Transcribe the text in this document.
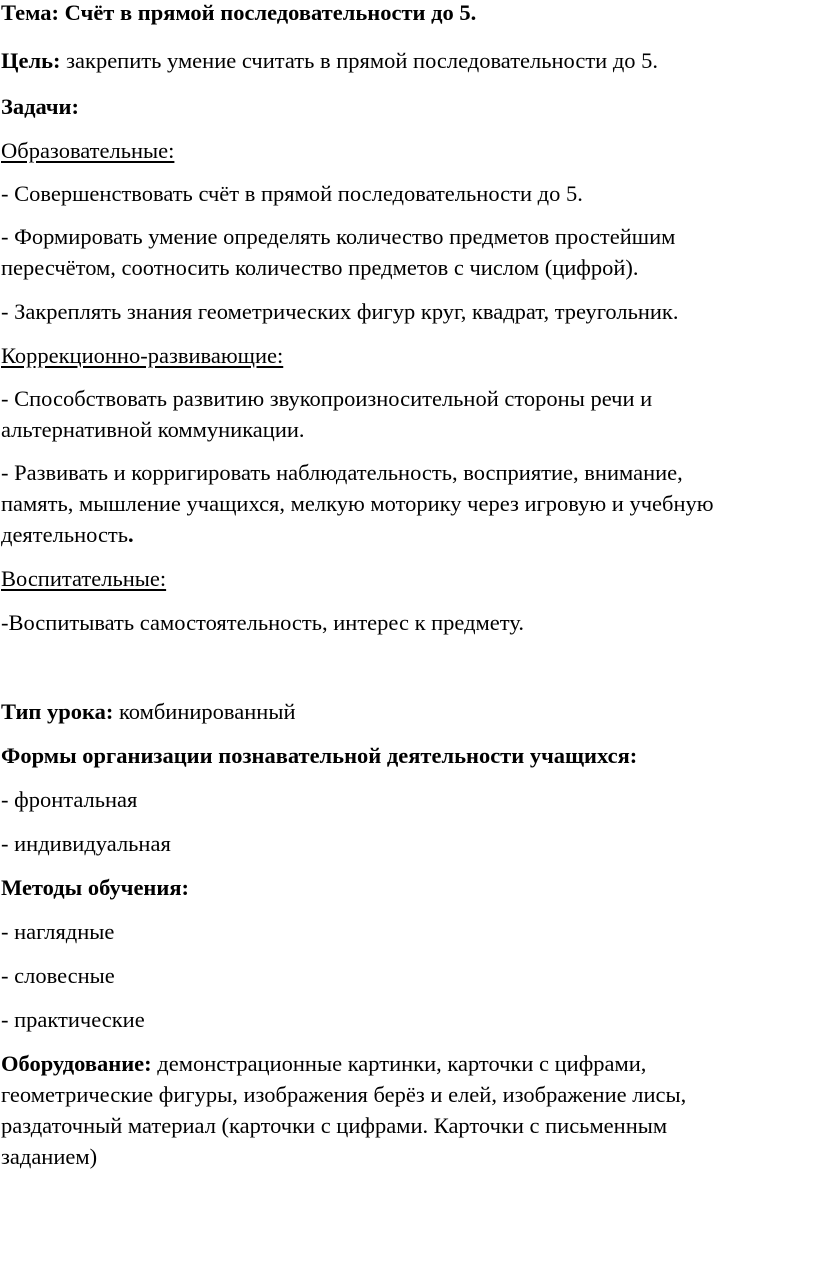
Тема: Счёт в прямой последовательности до 5.
Цель: закрепить умение считать в прямой последовательности до 5.
Задачи:
Образовательные:
- Совершенствовать счёт в прямой последовательности до 5.
- Формировать умение определять количество предметов простейшим
пересчётом, соотносить количество предметов с числом (цифрой).
- Закреплять знания геометрических фигур круг, квадрат, треугольник.
Коррекционно-развивающие:
- Способствовать развитию звукопроизносительной стороны речи и
альтернативной коммуникации.
- Развивать и корригировать наблюдательность, восприятие, внимание,
память, мышление учащихся, мелкую моторику через игровую и учебную
деятельность.
Воспитательные:
-Воспитывать самостоятельность, интерес к предмету.
Тип урока: комбинированный
Формы организации познавательной деятельности учащихся:
- фронтальная
- индивидуальная
Методы обучения:
- наглядные
- словесные
- практические
Оборудование: демонстрационные картинки, карточки с цифрами,
геометрические фигуры, изображения берёз и елей, изображение лисы,
раздаточный материал (карточки с цифрами. Карточки с письменным
заданием)
